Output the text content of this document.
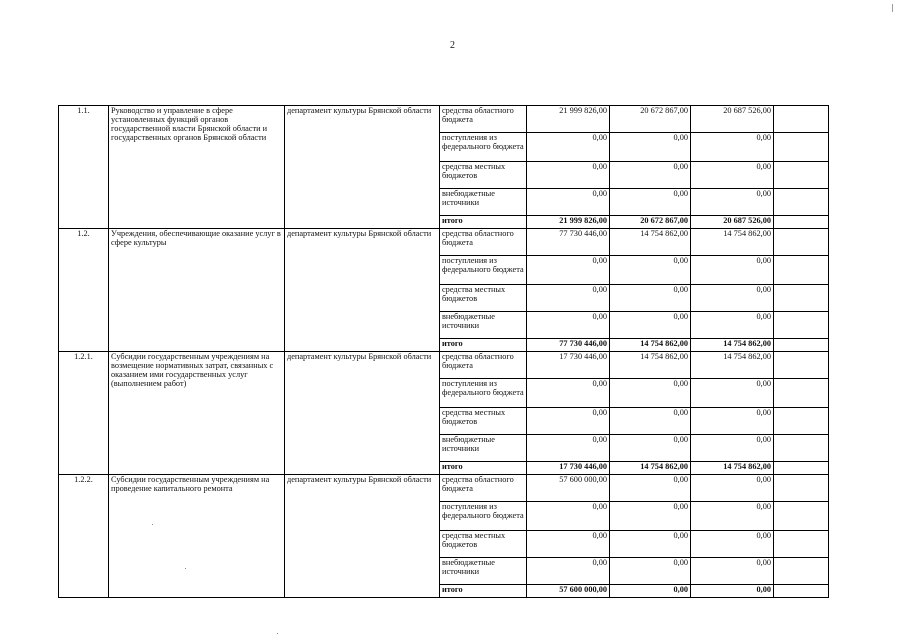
2
1.1.	Руководство и управление в сфере установленных функций органов государственной власти Брянской области и государственных органов Брянской области	департамент культуры Брянской области	средства областного бюджета	21 999 826,00	20 672 867,00	20 687 526,00	
			поступления из федерального бюджета	0,00	0,00	0,00	
			средства местных бюджетов	0,00	0,00	0,00	
			внебюджетные источники	0,00	0,00	0,00	
			итого	21 999 826,00	20 672 867,00	20 687 526,00	
1.2.	Учреждения, обеспечивающие оказание услуг в сфере культуры	департамент культуры Брянской области	средства областного бюджета	77 730 446,00	14 754 862,00	14 754 862,00	
			поступления из федерального бюджета	0,00	0,00	0,00	
			средства местных бюджетов	0,00	0,00	0,00	
			внебюджетные источники	0,00	0,00	0,00	
			итого	77 730 446,00	14 754 862,00	14 754 862,00	
1.2.1.	Субсидии государственным учреждениям на возмещение нормативных затрат, связанных с оказанием ими государственных услуг (выполнением работ)	департамент культуры Брянской области	средства областного бюджета	17 730 446,00	14 754 862,00	14 754 862,00	
			поступления из федерального бюджета	0,00	0,00	0,00	
			средства местных бюджетов	0,00	0,00	0,00	
			внебюджетные источники	0,00	0,00	0,00	
			итого	17 730 446,00	14 754 862,00	14 754 862,00	
1.2.2.	Субсидии государственным учреждениям на проведение капитального ремонта	департамент культуры Брянской области	средства областного бюджета	57 600 000,00	0,00	0,00	
			поступления из федерального бюджета	0,00	0,00	0,00	
			средства местных бюджетов	0,00	0,00	0,00	
			внебюджетные источники	0,00	0,00	0,00	
			итого	57 600 000,00	0,00	0,00	
